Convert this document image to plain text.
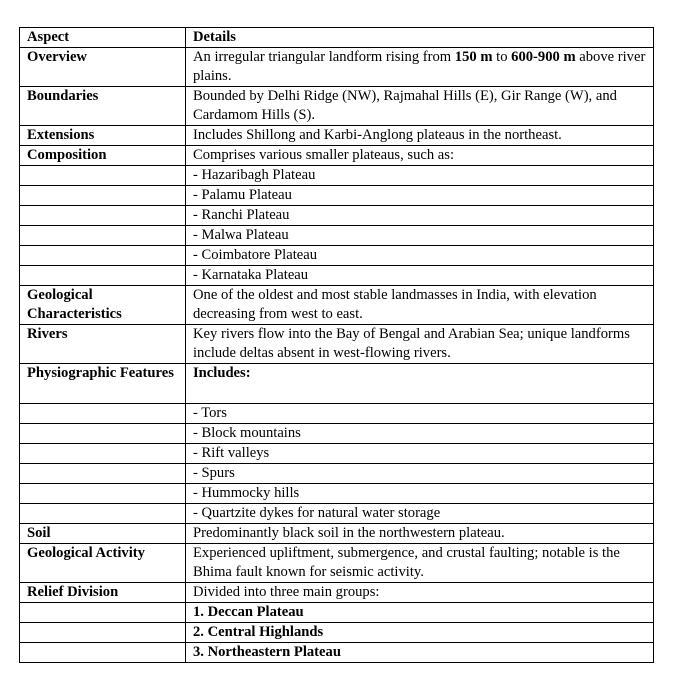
Aspect	Details
Overview	An irregular triangular landform rising from 150 m to 600-900 m above river plains.
Boundaries	Bounded by Delhi Ridge (NW), Rajmahal Hills (E), Gir Range (W), and Cardamom Hills (S).
Extensions	Includes Shillong and Karbi-Anglong plateaus in the northeast.
Composition	Comprises various smaller plateaus, such as:
	- Hazaribagh Plateau
	- Palamu Plateau
	- Ranchi Plateau
	- Malwa Plateau
	- Coimbatore Plateau
	- Karnataka Plateau
Geological Characteristics	One of the oldest and most stable landmasses in India, with elevation decreasing from west to east.
Rivers	Key rivers flow into the Bay of Bengal and Arabian Sea; unique landforms include deltas absent in west-flowing rivers.
Physiographic Features	Includes:
	- Tors
	- Block mountains
	- Rift valleys
	- Spurs
	- Hummocky hills
	- Quartzite dykes for natural water storage
Soil	Predominantly black soil in the northwestern plateau.
Geological Activity	Experienced upliftment, submergence, and crustal faulting; notable is the Bhima fault known for seismic activity.
Relief Division	Divided into three main groups:
	1. Deccan Plateau
	2. Central Highlands
	3. Northeastern Plateau
